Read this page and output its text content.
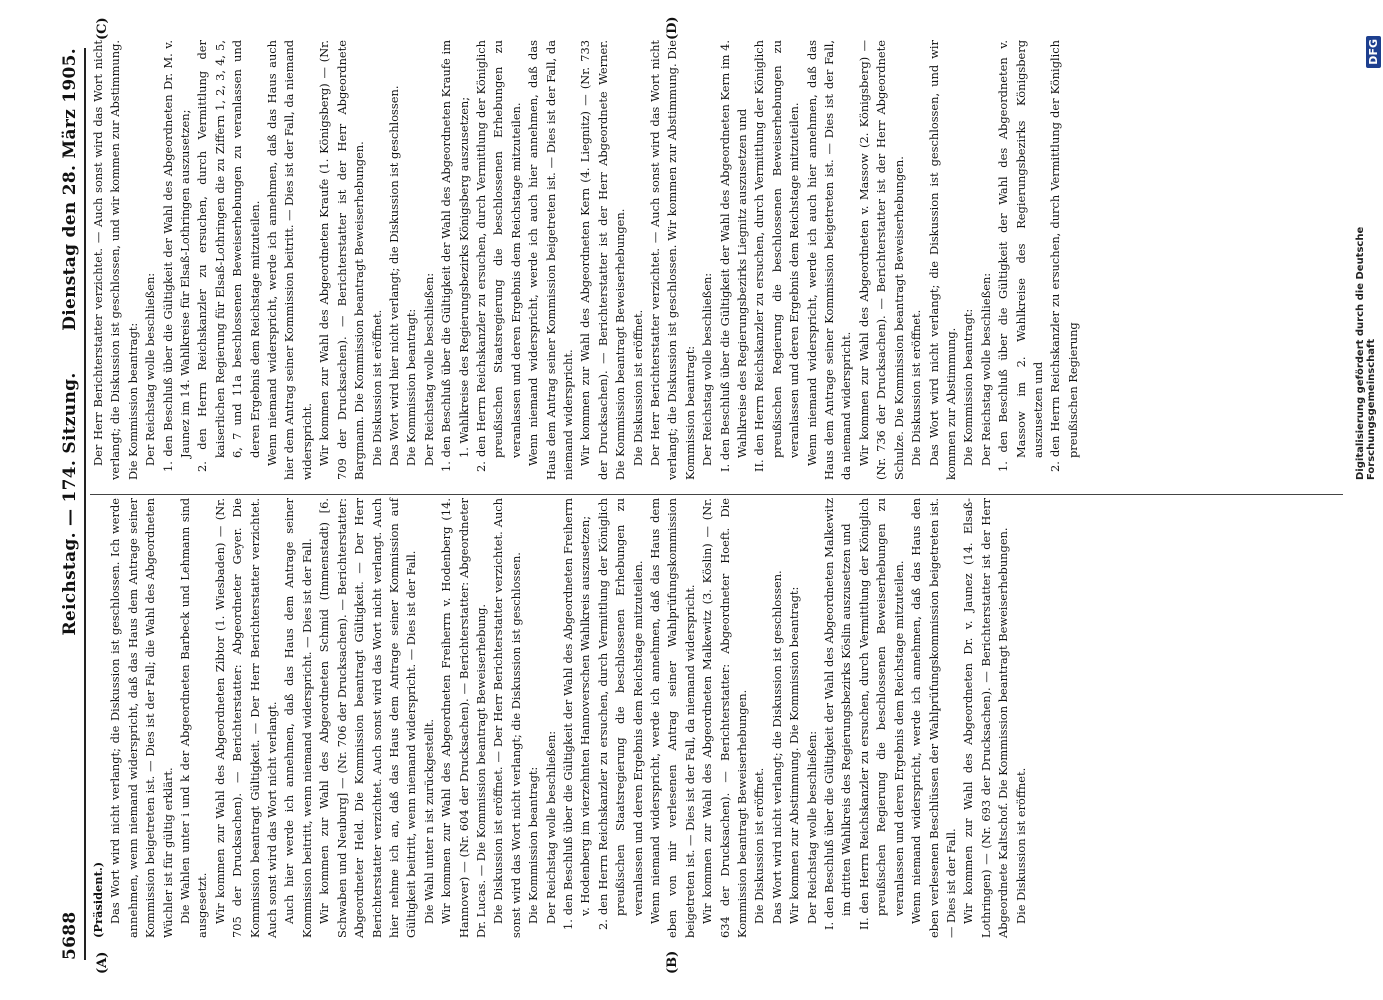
5688
Reichstag. — 174. Sitzung.
Dienstag den 28. März 1905.
(A)	(B)
(C)	(D)

(Präsident.) Das Wort wird nicht verlangt; die Diskussion ist geschlossen. Ich werde annehmen, wenn niemand widerspricht, daß das Haus dem Antrage seiner Kommission beigetreten ist. — Dies ist der Fall; die Wahl des Abgeordneten Wüchler ist für gültig erklärt. Die Wahlen unter i und k der Abgeordneten Barbeck und Lehmann sind ausgesetzt. Wir kommen zur Wahl des Abgeordneten Zibtor (1. Wiesbaden) — (Nr. 705 der Drucksachen). — Berichterstatter: Abgeordneter Geyer. Die Kommission beantragt Gültigkeit. — Der Herr Berichterstatter verzichtet. Auch sonst wird das Wort nicht verlangt. Auch hier werde ich annehmen, daß das Haus dem Antrage seiner Kommission beitritt, wenn niemand widerspricht. — Dies ist der Fall. Wir kommen zur Wahl des Abgeordneten Schmid (Immenstadt) [6. Schwaben und Neuburg] — (Nr. 706 der Drucksachen). — Berichterstatter: Abgeordneter Held. Die Kommission beantragt Gültigkeit. — Der Herr Berichterstatter verzichtet. Auch sonst wird das Wort nicht verlangt. Auch hier nehme ich an, daß das Haus dem Antrage seiner Kommission auf Gültigkeit beitritt, wenn niemand widerspricht. — Dies ist der Fall. Die Wahl unter n ist zurückgestellt. Wir kommen zur Wahl des Abgeordneten Freiherrn v. Hodenberg (14. Hannover) — (Nr. 604 der Drucksachen). — Berichterstatter: Abgeordneter Dr. Lucas. — Die Kommission beantragt Beweiserhebung. Die Diskussion ist eröffnet. — Der Herr Berichterstatter verzichtet. Auch sonst wird das Wort nicht verlangt; die Diskussion ist geschlossen. Die Kommission beantragt: Der Reichstag wolle beschließen: 1. den Beschluß über die Gültigkeit der Wahl des Abgeordneten Freiherrn v. Hodenberg im vierzehnten Hannoverschen Wahlkreis auszusetzen; 2. den Herrn Reichskanzler zu ersuchen, durch Vermittlung der Königlich preußischen Staatsregierung die beschlossenen Erhebungen zu veranlassen und deren Ergebnis dem Reichstage mitzuteilen. Wenn niemand widerspricht, werde ich annehmen, daß das Haus dem eben von mir verlesenen Antrag seiner Wahlprüfungskommission beigetreten ist. — Dies ist der Fall, da niemand widerspricht. Wir kommen zur Wahl des Abgeordneten Malkewitz (3. Köslin) — (Nr. 634 der Drucksachen). — Berichterstatter: Abgeordneter Hoeft. Die Kommission beantragt Beweiserhebungen. Die Diskussion ist eröffnet. Das Wort wird nicht verlangt; die Diskussion ist geschlossen. Wir kommen zur Abstimmung. Die Kommission beantragt: Der Reichstag wolle beschließen: I. den Beschluß über die Gültigkeit der Wahl des Abgeordneten Malkewitz im dritten Wahlkreis des Regierungsbezirks Köslin auszusetzen und II. den Herrn Reichskanzler zu ersuchen, durch Vermittlung der Königlich preußischen Regierung die beschlossenen Beweiserhebungen zu veranlassen und deren Ergebnis dem Reichstage mitzuteilen. Wenn niemand widerspricht, werde ich annehmen, daß das Haus den eben verlesenen Beschlüssen der Wahlprüfungskommission beigetreten ist. — Dies ist der Fall. Wir kommen zur Wahl des Abgeordneten Dr. v. Jaunez (14. Elsaß-Lothringen) — (Nr. 693 der Drucksachen). — Berichterstatter ist der Herr Abgeordnete Kaltschof. Die Kommission beantragt Beweiserhebungen. Die Diskussion ist eröffnet.

Der Herr Berichterstatter verzichtet. — Auch sonst wird das Wort nicht verlangt; die Diskussion ist geschlossen, und wir kommen zur Abstimmung. Die Kommission beantragt: Der Reichstag wolle beschließen: 1. den Beschluß über die Gültigkeit der Wahl des Abgeordneten Dr. M. v. Jaunez im 14. Wahlkreise für Elsaß-Lothringen auszusetzen; 2. den Herrn Reichskanzler zu ersuchen, durch Vermittlung der kaiserlichen Regierung für Elsaß-Lothringen die zu Ziffern 1, 2, 3, 4, 5, 6, 7 und 11a beschlossenen Beweiserhebungen zu veranlassen und deren Ergebnis dem Reichstage mitzuteilen. Wenn niemand widerspricht, werde ich annehmen, daß das Haus auch hier dem Antrag seiner Kommission beitritt. — Dies ist der Fall, da niemand widerspricht. Wir kommen zur Wahl des Abgeordneten Kraufe (1. Königsberg) — (Nr. 709 der Drucksachen). — Berichterstatter ist der Herr Abgeordnete Bargmann. Die Kommission beantragt Beweiserhebungen. Die Diskussion ist eröffnet. Das Wort wird hier nicht verlangt; die Diskussion ist geschlossen. Die Kommission beantragt: Der Reichstag wolle beschließen: 1. den Beschluß über die Gültigkeit der Wahl des Abgeordneten Kraufe im 1. Wahlkreise des Regierungsbezirks Königsberg auszusetzen; 2. den Herrn Reichskanzler zu ersuchen, durch Vermittlung der Königlich preußischen Staatsregierung die beschlossenen Erhebungen zu veranlassen und deren Ergebnis dem Reichstage mitzuteilen. Wenn niemand widerspricht, werde ich auch hier annehmen, daß das Haus dem Antrag seiner Kommission beigetreten ist. — Dies ist der Fall, da niemand widerspricht. Wir kommen zur Wahl des Abgeordneten Kern (4. Liegnitz) — (Nr. 733 der Drucksachen). — Berichterstatter ist der Herr Abgeordnete Werner. Die Kommission beantragt Beweiserhebungen. Die Diskussion ist eröffnet. Der Herr Berichterstatter verzichtet. — Auch sonst wird das Wort nicht verlangt; die Diskussion ist geschlossen. Wir kommen zur Abstimmung. Die Kommission beantragt: Der Reichstag wolle beschließen: I. den Beschluß über die Gültigkeit der Wahl des Abgeordneten Kern im 4. Wahlkreise des Regierungsbezirks Liegnitz auszusetzen und II. den Herrn Reichskanzler zu ersuchen, durch Vermittlung der Königlich preußischen Regierung die beschlossenen Beweiserhebungen zu veranlassen und deren Ergebnis dem Reichstage mitzuteilen. Wenn niemand widerspricht, werde ich auch hier annehmen, daß das Haus dem Antrage seiner Kommission beigetreten ist. — Dies ist der Fall, da niemand widerspricht. Wir kommen zur Wahl des Abgeordneten v. Massow (2. Königsberg) — (Nr. 736 der Drucksachen). — Berichterstatter ist der Herr Abgeordnete Schulze. Die Kommission beantragt Beweiserhebungen. Die Diskussion ist eröffnet. Das Wort wird nicht verlangt; die Diskussion ist geschlossen, und wir kommen zur Abstimmung. Die Kommission beantragt: Der Reichstag wolle beschließen: 1. den Beschluß über die Gültigkeit der Wahl des Abgeordneten v. Massow im 2. Wahlkreise des Regierungsbezirks Königsberg auszusetzen und 2. den Herrn Reichskanzler zu ersuchen, durch Vermittlung der Königlich preußischen Regierung	Digitalisierung gefördert durch die Deutsche Forschungsgemeinschaft
DFG
